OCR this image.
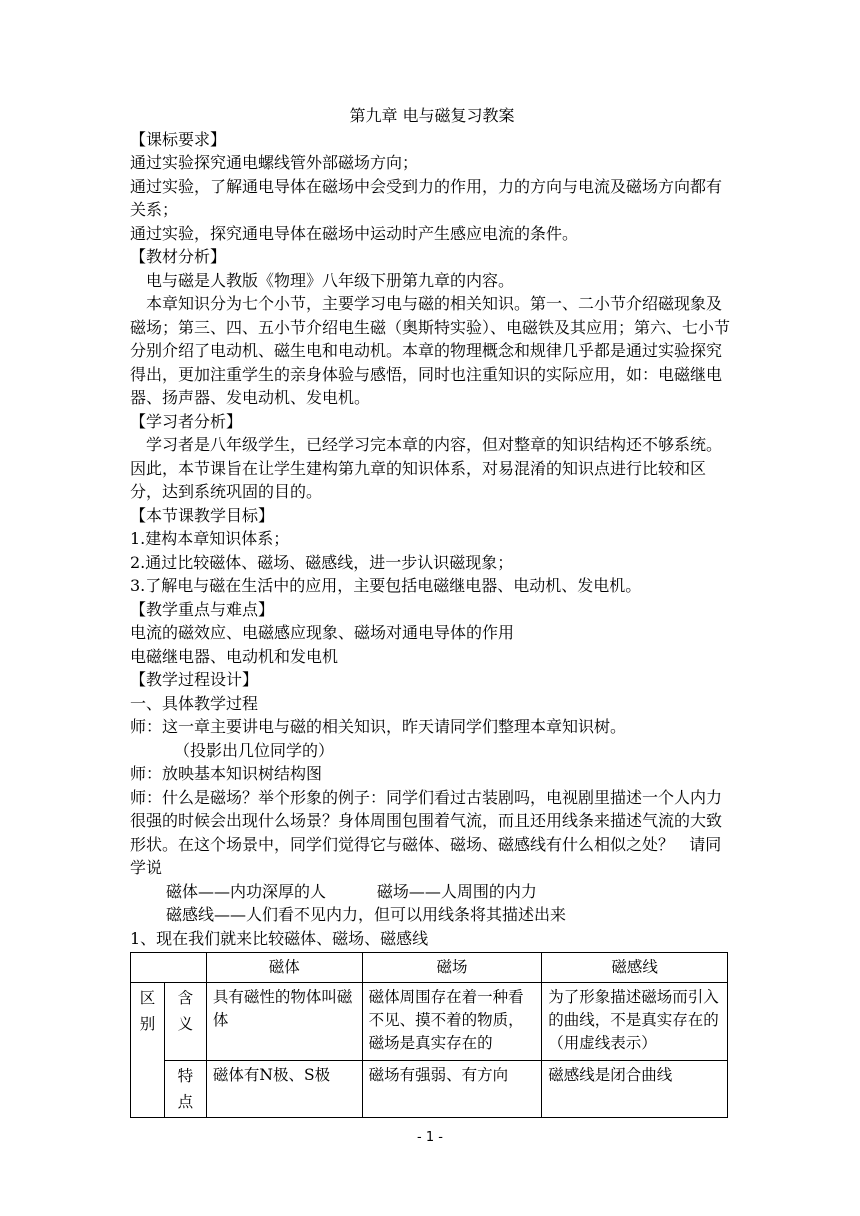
第九章 电与磁复习教案

【课标要求】

通过实验探究通电螺线管外部磁场方向；

通过实验，了解通电导体在磁场中会受到力的作用，力的方向与电流及磁场方向都有关系；

通过实验，探究通电导体在磁场中运动时产生感应电流的条件。

【教材分析】

电与磁是人教版《物理》八年级下册第九章的内容。

本章知识分为七个小节，主要学习电与磁的相关知识。第一、二小节介绍磁现象及磁场；第三、四、五小节介绍电生磁（奥斯特实验）、电磁铁及其应用；第六、七小节分别介绍了电动机、磁生电和电动机。本章的物理概念和规律几乎都是通过实验探究得出，更加注重学生的亲身体验与感悟，同时也注重知识的实际应用，如：电磁继电器、扬声器、发电动机、发电机。

【学习者分析】

学习者是八年级学生，已经学习完本章的内容，但对整章的知识结构还不够系统。因此，本节课旨在让学生建构第九章的知识体系，对易混淆的知识点进行比较和区分，达到系统巩固的目的。

【本节课教学目标】

1.建构本章知识体系；

2.通过比较磁体、磁场、磁感线，进一步认识磁现象；

3.了解电与磁在生活中的应用，主要包括电磁继电器、电动机、发电机。

【教学重点与难点】

电流的磁效应、电磁感应现象、磁场对通电导体的作用

电磁继电器、电动机和发电机

【教学过程设计】

一、具体教学过程

师：这一章主要讲电与磁的相关知识，昨天请同学们整理本章知识树。

（投影出几位同学的）

师：放映基本知识树结构图

师：什么是磁场？举个形象的例子：同学们看过古装剧吗，电视剧里描述一个人内力很强的时候会出现什么场景？身体周围包围着气流，而且还用线条来描述气流的大致形状。在这个场景中，同学们觉得它与磁体、磁场、磁感线有什么相似之处？   请同学说

磁体——内功深厚的人          磁场——人周围的内力

磁感线——人们看不见内力，但可以用线条将其描述出来

1、现在我们就来比较磁体、磁场、磁感线

		磁体	磁场	磁感线
区别	含义	具有磁性的物体叫磁体	磁体周围存在着一种看不见、摸不着的物质，磁场是真实存在的	为了形象描述磁场而引入的曲线，不是真实存在的（用虚线表示）
	特点	磁体有N极、S极	磁场有强弱、有方向	磁感线是闭合曲线
- 1 -
